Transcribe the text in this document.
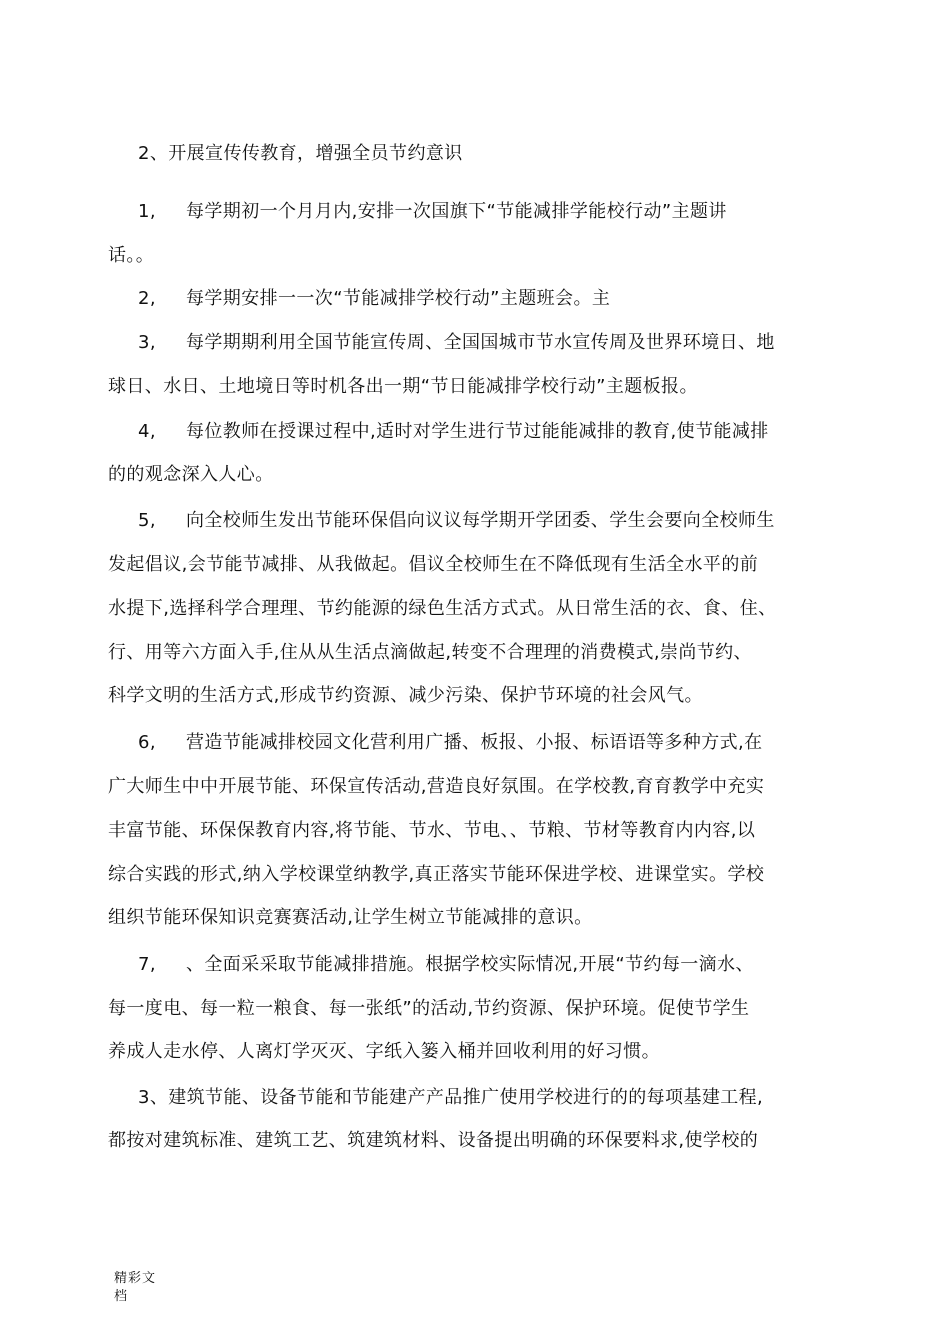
2、开展宣传传教育，增强全员节约意识
1, 每学期初一个月月内,安排一次国旗下“节能减排学能校行动”主题讲
话。。
2, 每学期安排一一次“节能减排学校行动”主题班会。主
3, 每学期期利用全国节能宣传周、全国国城市节水宣传周及世界环境日、地
球日、水日、土地境日等时机各出一期“节日能减排学校行动”主题板报。
4, 每位教师在授课过程中,适时对学生进行节过能能减排的教育,使节能减排
的的观念深入人心。
5, 向全校师生发出节能环保倡向议议每学期开学团委、学生会要向全校师生
发起倡议,会节能节减排、从我做起。倡议全校师生在不降低现有生活全水平的前
水提下,选择科学合理理、节约能源的绿色生活方式式。从日常生活的衣、食、住、
行、用等六方面入手,住从从生活点滴做起,转变不合理理的消费模式,崇尚节约、
科学文明的生活方式,形成节约资源、减少污染、保护节环境的社会风气。
6, 营造节能减排校园文化营利用广播、板报、小报、标语语等多种方式,在
广大师生中中开展节能、环保宣传活动,营造良好氛围。在学校教,育育教学中充实
丰富节能、环保保教育内容,将节能、节水、节电、、节粮、节材等教育内内容,以
综合实践的形式,纳入学校课堂纳教学,真正落实节能环保进学校、进课堂实。学校
组织节能环保知识竞赛赛活动,让学生树立节能减排的意识。
7, 、全面采采取节能减排措施。根据学校实际情况,开展“节约每一滴水、
每一度电、每一粒一粮食、每一张纸”的活动,节约资源、保护环境。促使节学生
养成人走水停、人离灯学灭灭、字纸入篓入桶并回收利用的好习惯。
3、建筑节能、设备节能和节能建产产品推广使用学校进行的的每项基建工程,
都按对建筑标准、建筑工艺、筑建筑材料、设备提出明确的环保要料求,使学校的
精彩文
档
